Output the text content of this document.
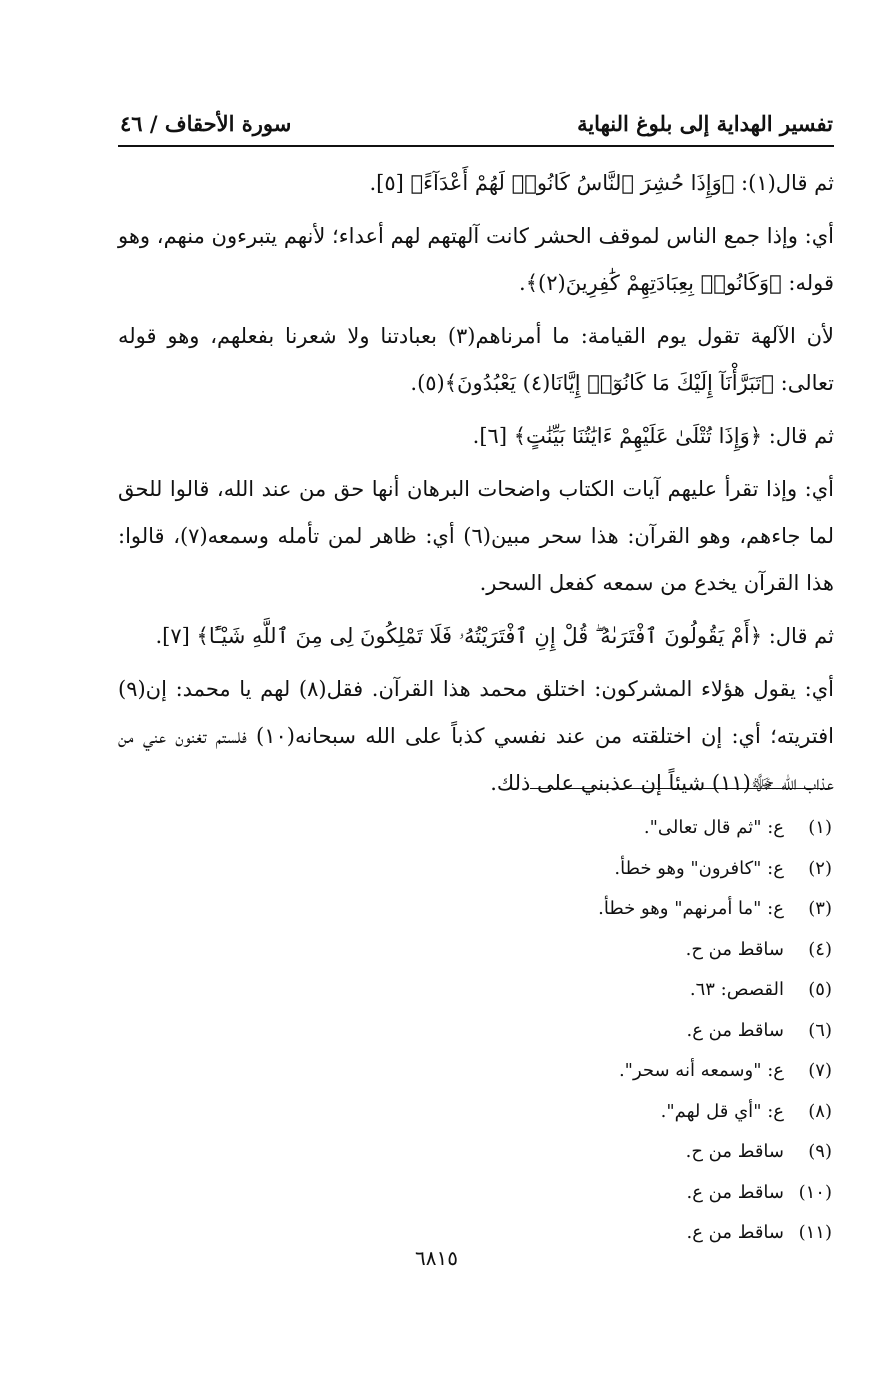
تفسير الهداية إلى بلوغ النهاية
سورة الأحقاف / ٤٦

ثم قال(١): ﴿وَإِذَا حُشِرَ ٱلنَّاسُ كَانُوا۟ لَهُمْ أَعْدَآءً﴾ [٥].

أي: وإذا جمع الناس لموقف الحشر كانت آلهتهم لهم أعداء؛ لأنهم يتبرءون منهم، وهو قوله: ﴿وَكَانُوا۟ بِعِبَادَتِهِمْ كَٰفِرِينَ(٢)﴾.

لأن الآلهة تقول يوم القيامة: ما أمرناهم(٣) بعبادتنا ولا شعرنا بفعلهم، وهو قوله تعالى: ﴿تَبَرَّأْنَآ إِلَيْكَ مَا كَانُوٓا۟ إِيَّانَا(٤) يَعْبُدُونَ﴾(٥).

ثم قال: ﴿وَإِذَا تُتْلَىٰ عَلَيْهِمْ ءَايَٰتُنَا بَيِّنَٰتٍ﴾ [٦].

أي: وإذا تقرأ عليهم آيات الكتاب واضحات البرهان أنها حق من عند الله، قالوا للحق لما جاءهم، وهو القرآن: هذا سحر مبين(٦) أي: ظاهر لمن تأمله وسمعه(٧)، قالوا: هذا القرآن يخدع من سمعه كفعل السحر.

ثم قال: ﴿أَمْ يَقُولُونَ ٱفْتَرَىٰهُ ۖ قُلْ إِنِ ٱفْتَرَيْتُهُۥ فَلَا تَمْلِكُونَ لِى مِنَ ٱللَّهِ شَيْـًٔا﴾ [٧].

أي: يقول هؤلاء المشركون: اختلق محمد هذا القرآن. فقل(٨) لهم يا محمد: إن(٩) افتريته؛ أي: إن اختلقته من عند نفسي كذباً على الله سبحانه(١٠) فلستم تغنون عني من عذاب الله ﷻ(١١) شيئاً إن عذبني على ذلك.

(١)
ع: "ثم قال تعالى".
(٢)
ع: "كافرون" وهو خطأ.
(٣)
ع: "ما أمرنهم" وهو خطأ.
(٤)
ساقط من ح.
(٥)
القصص: ٦٣.
(٦)
ساقط من ع.
(٧)
ع: "وسمعه أنه سحر".
(٨)
ع: "أي قل لهم".
(٩)
ساقط من ح.
(١٠)
ساقط من ع.
(١١)
ساقط من ع.
٦٨١٥
